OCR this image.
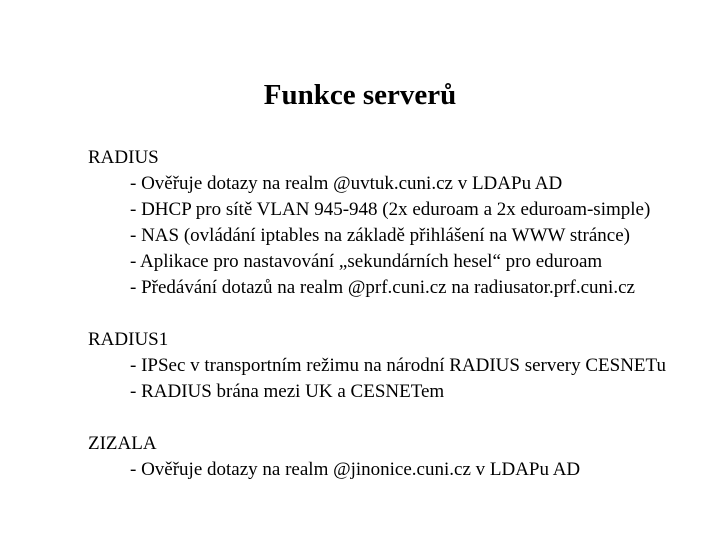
Funkce serverů
RADIUS
- Ověřuje dotazy na realm @uvtuk.cuni.cz v LDAPu AD
- DHCP pro sítě VLAN 945-948 (2x eduroam a 2x eduroam-simple)
- NAS (ovládání iptables na základě přihlášení na WWW stránce)
- Aplikace pro nastavování „sekundárních hesel“ pro eduroam
- Předávání dotazů na realm @prf.cuni.cz na radiusator.prf.cuni.cz
RADIUS1
- IPSec v transportním režimu na národní RADIUS servery CESNETu
- RADIUS brána mezi UK a CESNETem
ZIZALA
- Ověřuje dotazy na realm @jinonice.cuni.cz v LDAPu AD
